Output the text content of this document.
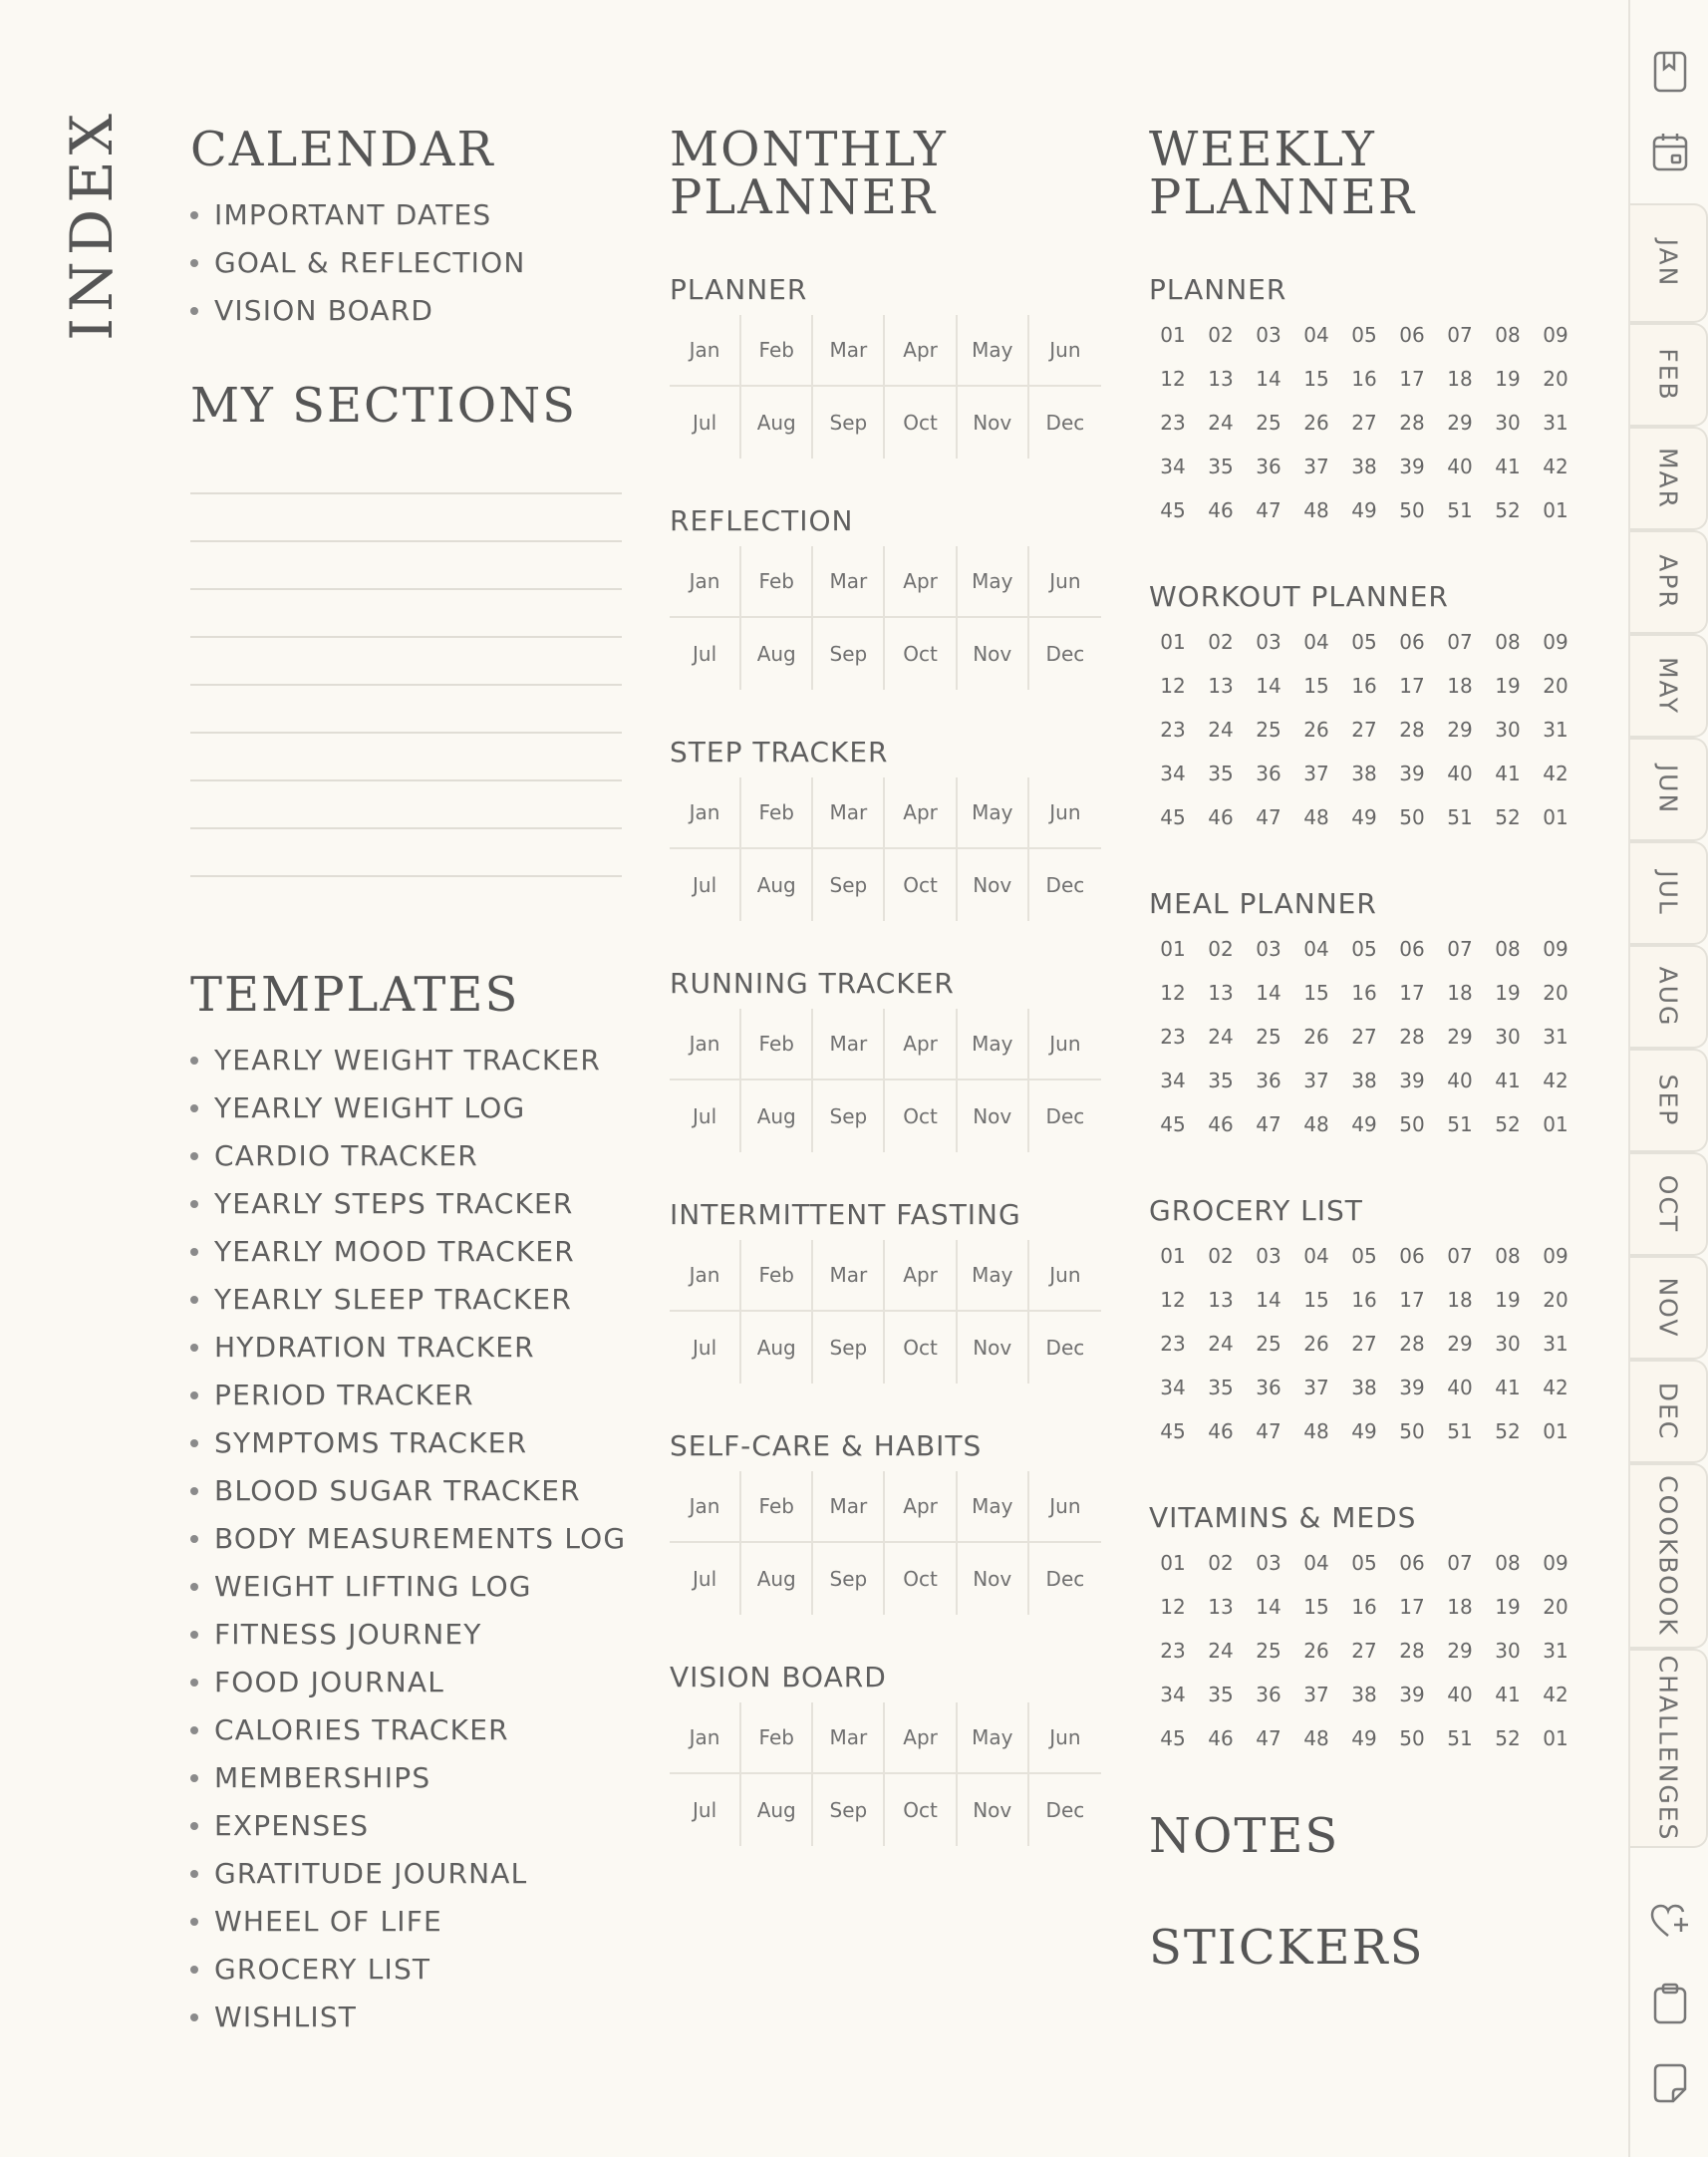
INDEX CALENDAR
IMPORTANT DATES
GOAL & REFLECTION
VISION BOARD
MY SECTIONS
TEMPLATES
YEARLY WEIGHT TRACKER
YEARLY WEIGHT LOG
CARDIO TRACKER
YEARLY STEPS TRACKER
YEARLY MOOD TRACKER
YEARLY SLEEP TRACKER
HYDRATION TRACKER
PERIOD TRACKER
SYMPTOMS TRACKER
BLOOD SUGAR TRACKER
BODY MEASUREMENTS LOG
WEIGHT LIFTING LOG
FITNESS JOURNEY
FOOD JOURNAL
CALORIES TRACKER
MEMBERSHIPS
EXPENSES
GRATITUDE JOURNAL
WHEEL OF LIFE
GROCERY LIST
WISHLIST
MONTHLY
PLANNER
PLANNER
Jan	Feb	Mar	Apr	May	Jun
Jul	Aug	Sep	Oct	Nov	Dec
REFLECTION
Jan	Feb	Mar	Apr	May	Jun
Jul	Aug	Sep	Oct	Nov	Dec
STEP TRACKER
Jan	Feb	Mar	Apr	May	Jun
Jul	Aug	Sep	Oct	Nov	Dec
RUNNING TRACKER
Jan	Feb	Mar	Apr	May	Jun
Jul	Aug	Sep	Oct	Nov	Dec
INTERMITTENT FASTING
Jan	Feb	Mar	Apr	May	Jun
Jul	Aug	Sep	Oct	Nov	Dec
SELF-CARE & HABITS
Jan	Feb	Mar	Apr	May	Jun
Jul	Aug	Sep	Oct	Nov	Dec
VISION BOARD
Jan	Feb	Mar	Apr	May	Jun
Jul	Aug	Sep	Oct	Nov	Dec
WEEKLY
PLANNER
PLANNER
01	02	03	04	05	06	07	08	09
12	13	14	15	16	17	18	19	20
23	24	25	26	27	28	29	30	31
34	35	36	37	38	39	40	41	42
45	46	47	48	49	50	51	52	01
WORKOUT PLANNER
01	02	03	04	05	06	07	08	09
12	13	14	15	16	17	18	19	20
23	24	25	26	27	28	29	30	31
34	35	36	37	38	39	40	41	42
45	46	47	48	49	50	51	52	01
MEAL PLANNER
01	02	03	04	05	06	07	08	09
12	13	14	15	16	17	18	19	20
23	24	25	26	27	28	29	30	31
34	35	36	37	38	39	40	41	42
45	46	47	48	49	50	51	52	01
GROCERY LIST
01	02	03	04	05	06	07	08	09
12	13	14	15	16	17	18	19	20
23	24	25	26	27	28	29	30	31
34	35	36	37	38	39	40	41	42
45	46	47	48	49	50	51	52	01
VITAMINS & MEDS
01	02	03	04	05	06	07	08	09
12	13	14	15	16	17	18	19	20
23	24	25	26	27	28	29	30	31
34	35	36	37	38	39	40	41	42
45	46	47	48	49	50	51	52	01
NOTES
STICKERS
JAN
FEB
MAR
APR
MAY
JUN
JUL
AUG
SEP
OCT
NOV
DEC
COOKBOOK
CHALLENGES
